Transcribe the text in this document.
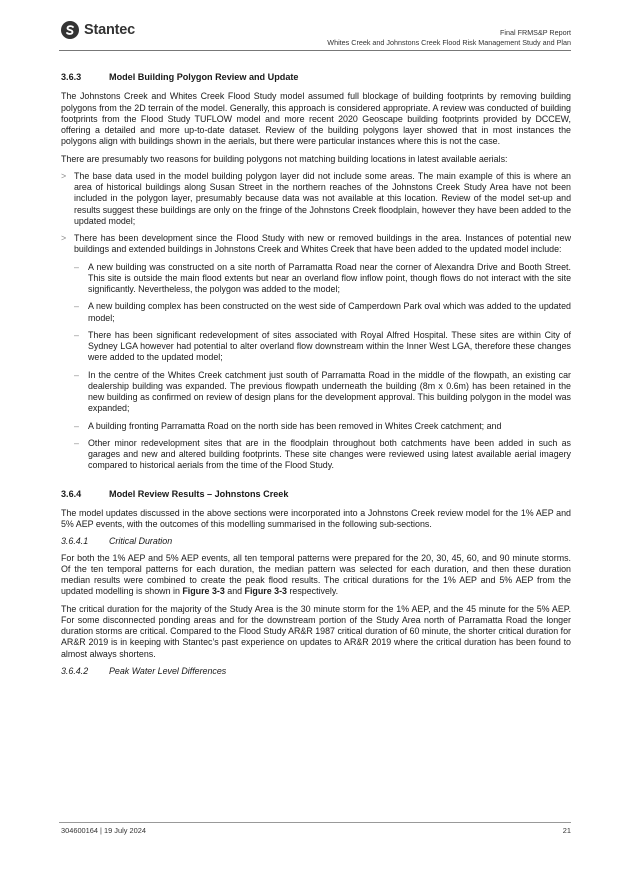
Stantec	Final FRMS&P Report
Whites Creek and Johnstons Creek Flood Risk Management Study and Plan
3.6.3	Model Building Polygon Review and Update

The Johnstons Creek and Whites Creek Flood Study model assumed full blockage of building footprints by removing building polygons from the 2D terrain of the model. Generally, this approach is considered appropriate. A review was conducted of building footprints from the Flood Study TUFLOW model and more recent 2020 Geoscape building footprints provided by DCCEW, offering a detailed and more up-to-date dataset. Review of the building polygons layer showed that in most instances the polygons align with buildings shown in the aerials, but there were particular instances where this is not the case.

There are presumably two reasons for building polygons not matching building locations in latest available aerials:

> The base data used in the model building polygon layer did not include some areas. The main example of this is where an area of historical buildings along Susan Street in the northern reaches of the Johnstons Creek Study Area have not been included in the polygon layer, presumably because data was not available at this location. Review of the model set-up and results suggest these buildings are only on the fringe of the Johnstons Creek floodplain, however they have been added to the updated model;
> There has been development since the Flood Study with new or removed buildings in the area. Instances of potential new buildings and extended buildings in Johnstons Creek and Whites Creek that have been added to the updated model include:
– A new building was constructed on a site north of Parramatta Road near the corner of Alexandra Drive and Booth Street. This site is outside the main flood extents but near an overland flow inflow point, though flows do not interact with the site significantly. Nevertheless, the polygon was added to the model;
– A new building complex has been constructed on the west side of Camperdown Park oval which was added to the updated model;
– There has been significant redevelopment of sites associated with Royal Alfred Hospital. These sites are within City of Sydney LGA however had potential to alter overland flow downstream within the Inner West LGA, therefore these changes were added to the updated model;
– In the centre of the Whites Creek catchment just south of Parramatta Road in the middle of the flowpath, an existing car dealership building was expanded. The previous flowpath underneath the building (8m x 0.6m) has been retained in the new building as confirmed on review of design plans for the development approval. This building polygon in the model was expanded;
– A building fronting Parramatta Road on the north side has been removed in Whites Creek catchment; and
– Other minor redevelopment sites that are in the floodplain throughout both catchments have been added in such as garages and new and altered building footprints. These site changes were reviewed using latest available aerial imagery compared to historical aerials from the time of the Flood Study.
3.6.4	Model Review Results – Johnstons Creek

The model updates discussed in the above sections were incorporated into a Johnstons Creek review model for the 1% AEP and 5% AEP events, with the outcomes of this modelling summarised in the following sub-sections.

3.6.4.1	Critical Duration

For both the 1% AEP and 5% AEP events, all ten temporal patterns were prepared for the 20, 30, 45, 60, and 90 minute storms. Of the ten temporal patterns for each duration, the median pattern was selected for each duration, and then these duration median results were combined to create the peak flood results. The critical durations for the 1% AEP and 5% AEP from the updated modelling is shown in Figure 3-3 and Figure 3-3 respectively.

The critical duration for the majority of the Study Area is the 30 minute storm for the 1% AEP, and the 45 minute for the 5% AEP. For some disconnected ponding areas and for the downstream portion of the Study Area north of Parramatta Road the longer duration storms are critical. Compared to the Flood Study AR&R 1987 critical duration of 60 minute, the shorter critical duration for AR&R 2019 is in keeping with Stantec’s past experience on updates to AR&R 2019 where the critical duration has been found to almost always shortens.

3.6.4.2	Peak Water Level Differences
304600164 | 19 July 2024	21
